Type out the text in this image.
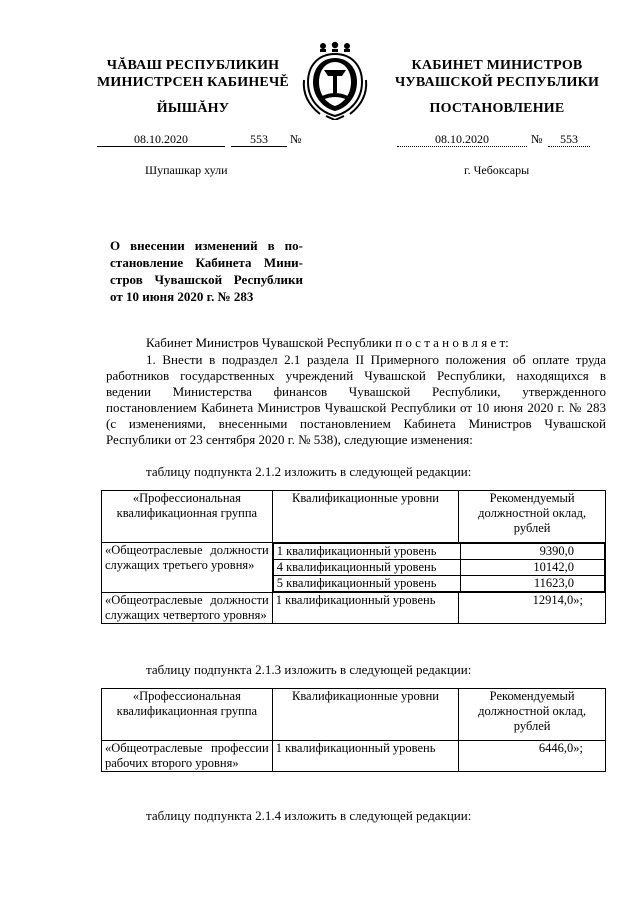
ЧĂВАШ РЕСПУБЛИКИН
МИНИСТРСЕН КАБИНЕЧĚ
ЙЫШĂНУ
КАБИНЕТ МИНИСТРОВ
ЧУВАШСКОЙ РЕСПУБЛИКИ
ПОСТАНОВЛЕНИЕ
08.10.2020	553	№	08.10.2020	№	553
Шупашкар хули	г. Чебоксары
О внесении изменений в по-
становление Кабинета Мини-
стров Чувашской Республики
от 10 июня 2020 г. № 283
Кабинет Министров Чувашской Республики п о с т а н о в л я е т:
1. Внести в подраздел 2.1 раздела II Примерного положения об оплате труда работников государственных учреждений Чувашской Республики, находящихся в ведении Министерства финансов Чувашской Республики, утвержденного постановлением Кабинета Министров Чувашской Республики от 10 июня 2020 г. № 283 (с изменениями, внесенными постановлением Кабинета Министров Чувашской Республики от 23 сентября 2020 г. № 538), следующие изменения:
таблицу подпункта 2.1.2 изложить в следующей редакции:
«Профессиональная квалификационная группа	Квалификационные уровни	Рекомендуемый должностной оклад, рублей
«Общеотраслевые должности служащих третьего уровня»	
1 квалификационный уровень	9390,0
4 квалификационный уровень	10142,0
5 квалификационный уровень	11623,0

«Общеотраслевые должности служащих четвертого уровня»	1 квалификационный уровень	12914,0»;
таблицу подпункта 2.1.3 изложить в следующей редакции:
«Профессиональная квалификационная группа	Квалификационные уровни	Рекомендуемый должностной оклад, рублей
«Общеотраслевые профессии рабочих второго уровня»	1 квалификационный уровень	6446,0»;
таблицу подпункта 2.1.4 изложить в следующей редакции:
